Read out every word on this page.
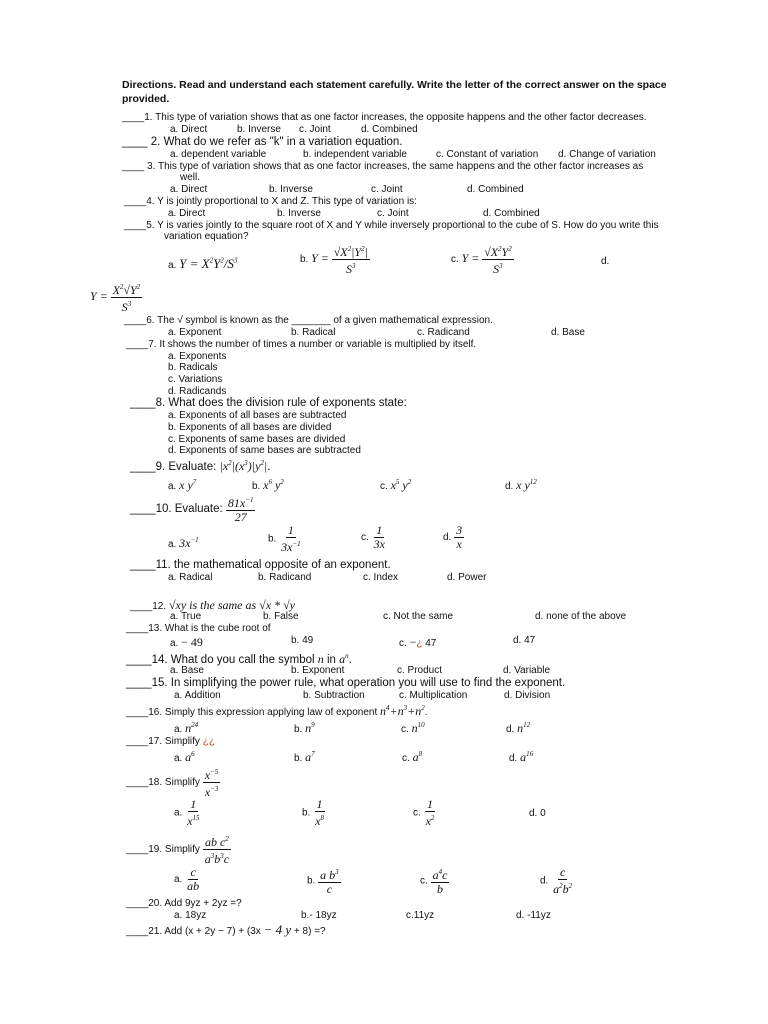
Directions. Read and understand each statement carefully. Write the letter of the correct answer on the space provided.
____1. This type of variation shows that as one factor increases, the opposite happens and the other factor decreases.
a. Direct	b. Inverse c. Joint	d. Combined
____ 2. What do we refer as "k" in a variation equation.
a. dependent variable	b. independent variable	c. Constant of variation d. Change of variation
____ 3. This type of variation shows that as one factor increases, the same happens and the other factor increases as
well.
a. Direct	b. Inverse	c. Joint	d. Combined
____4. Y is jointly proportional to X and Z. This type of variation is:
a. Direct	b. Inverse	c. Joint	d. Combined
____5. Y is varies jointly to the square root of X and Y while inversely proportional to the cube of S. How do you write this
variation equation?
a. $Y = X^2Y^2/S^3$	b. $Y = \frac{√X^2|Y^2|}{S^3}$	c. $Y = \frac{√X^2Y^2}{S^3}$	d.
$Y = \frac{X^2√Y^2}{S^3}$
____6. The √ symbol is known as the _______ of a given mathematical expression.
a. Exponent	b. Radical	c. Radicand	d. Base
____7. It shows the number of times a number or variable is multiplied by itself.
a. Exponents
b. Radicals
c. Variations
d. Radicands
____8. What does the division rule of exponents state:
a. Exponents of all bases are subtracted
b. Exponents of all bases are divided
c. Exponents of same bases are divided
d. Exponents of same bases are subtracted
____9. Evaluate: $|x^2|(x^3)|y^2|$.
a. x $y^7$	b. $x^6$ $y^2$	c. $x^5$ $y^2$	d. x $y^{12}$
____10. Evaluate: $\frac{81x^{-1}}{27}$
a. $3x^{-1}$	b. $\frac{1}{3x^{-1}}$	c. $\frac{1}{3x}$	d. $\frac{3}{x}$
____11. the mathematical opposite of an exponent.
a. Radical	b. Radicand	c. Index	d. Power
____12. √xy is the same as √x * √y
a. True	b. False	c. Not the same	d. none of the above
____13. What is the cube root of
a. − 49	b. 49	c. −¿ 47	d. 47
____14. What do you call the symbol n in $a^n$.
a. Base	b. Exponent	c. Product	d. Variable
____15. In simplifying the power rule, what operation you will use to find the exponent.
a. Addition	b. Subtraction	c. Multiplication	d. Division
____16. Simply this expression applying law of exponent $n^4+n^3+n^2$.
a. $n^{24}$	b. $n^9$	c. $n^{10}$	d. $n^{12}$
____17. Simplify ¿¿
a. $a^6$	b. $a^7$	c. $a^8$	d. $a^{16}$
____18. Simplify $\frac{x^{-5}}{x^{-3}}$
a. $\frac{1}{x^{15}}$	b. $\frac{1}{x^8}$	c. $\frac{1}{x^2}$	d. 0
____19. Simplify $\frac{ab c^2}{a^3b^3c}$
a. $\frac{c}{ab}$	b. $\frac{a b^3}{c}$	c. $\frac{a^4c}{b}$	d. $\frac{c}{a^2b^2}$
____20. Add 9yz + 2yz =?
a. 18yz	b.- 18yz	c.11yz	d. -11yz
____21. Add (x + 2y − 7) + (3x − 4 y + 8) =?
